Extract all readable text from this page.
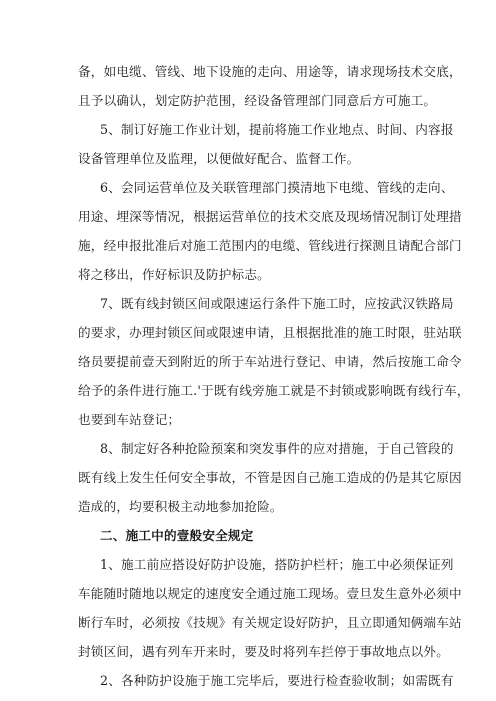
备，如电缆、管线、地下设施的走向、用途等，请求现场技术交底，
且予以确认，划定防护范围，经设备管理部门同意后方可施工。
5、制订好施工作业计划，提前将施工作业地点、时间、内容报
设备管理单位及监理，以便做好配合、监督工作。
6、会同运营单位及关联管理部门摸清地下电缆、管线的走向、
用途、埋深等情况，根据运营单位的技术交底及现场情况制订处理措
施，经申报批准后对施工范围内的电缆、管线进行探测且请配合部门
将之移出，作好标识及防护标志。
7、既有线封锁区间或限速运行条件下施工时，应按武汉铁路局
的要求，办理封锁区间或限速申请，且根据批准的施工时限，驻站联
络员要提前壹天到附近的所于车站进行登记、申请，然后按施工命令
给予的条件进行施工.'于既有线旁施工就是不封锁或影响既有线行车，
也要到车站登记；
8、制定好各种抢险预案和突发事件的应对措施，于自己管段的
既有线上发生任何安全事故，不管是因自己施工造成的仍是其它原因
造成的，均要积极主动地参加抢险。
二、施工中的壹般安全规定
1、施工前应搭设好防护设施，搭防护栏杆；施工中必须保证列
车能随时随地以规定的速度安全通过施工现场。壹旦发生意外必须中
断行车时，必须按《技规》有关规定设好防护，且立即通知俩端车站
封锁区间，遇有列车开来时，要及时将列车拦停于事故地点以外。
2、各种防护设施于施工完毕后，要进行检查验收制；如需既有
